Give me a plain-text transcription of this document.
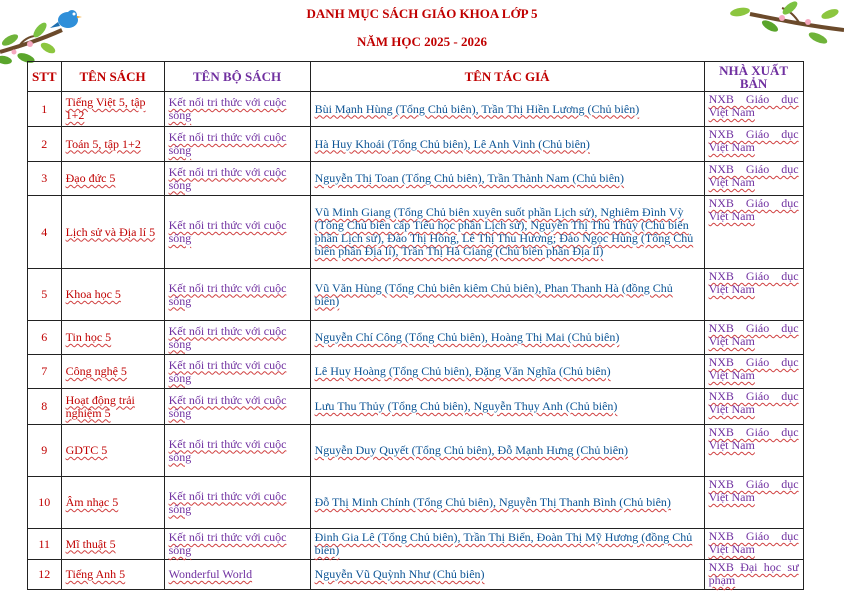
DANH MỤC SÁCH GIÁO KHOA LỚP 5
NĂM HỌC 2025 - 2026
STT	TÊN SÁCH	TÊN BỘ SÁCH	TÊN TÁC GIẢ	NHÀ XUẤT BẢN
1	Tiếng Việt 5, tập 1+2	Kết nối tri thức với cuộc sống	Bùi Mạnh Hùng (Tổng Chủ biên), Trần Thị Hiền Lương (Chủ biên)	NXB Giáo dục Việt Nam

2	Toán 5, tập 1+2	Kết nối tri thức với cuộc sống	Hà Huy Khoái (Tổng Chủ biên), Lê Anh Vinh (Chủ biên)	NXB Giáo dục Việt Nam

3	Đạo đức 5	Kết nối tri thức với cuộc sống	Nguyễn Thị Toan (Tổng Chủ biên), Trần Thành Nam (Chủ biên)	NXB Giáo dục Việt Nam

4	Lịch sử và Địa lí 5	Kết nối tri thức với cuộc sống	Vũ Minh Giang (Tổng Chủ biên xuyên suốt phần Lịch sử), Nghiêm Đình Vỳ (Tổng Chủ biên cấp Tiểu học phần Lịch sử), Nguyễn Thị Thu Thủy (Chủ biên phần Lịch sử), Đào Thị Hồng, Lê Thị Thu Hương; Đào Ngọc Hùng (Tổng Chủ biên phần Địa lí), Trần Thị Hà Giang (Chủ biên phần Địa lí)	NXB Giáo dục Việt Nam

5	Khoa học 5	Kết nối tri thức với cuộc sống	Vũ Văn Hùng (Tổng Chủ biên kiêm Chủ biên), Phan Thanh Hà (đồng Chủ biên)	NXB Giáo dục Việt Nam

6	Tin học 5	Kết nối tri thức với cuộc sống	Nguyễn Chí Công (Tổng Chủ biên), Hoàng Thị Mai (Chủ biên)	NXB Giáo dục Việt Nam

7	Công nghệ 5	Kết nối tri thức với cuộc sống	Lê Huy Hoàng (Tổng Chủ biên), Đặng Văn Nghĩa (Chủ biên)	NXB Giáo dục Việt Nam

8	Hoạt động trải nghiệm 5	Kết nối tri thức với cuộc sống	Lưu Thu Thủy (Tổng Chủ biên), Nguyễn Thụy Anh (Chủ biên)	NXB Giáo dục Việt Nam

9	GDTC 5	Kết nối tri thức với cuộc sống	Nguyễn Duy Quyết (Tổng Chủ biên), Đỗ Mạnh Hưng (Chủ biên)	NXB Giáo dục Việt Nam

10	Âm nhạc 5	Kết nối tri thức với cuộc sống	Đỗ Thị Minh Chính (Tổng Chủ biên), Nguyễn Thị Thanh Bình (Chủ biên)	NXB Giáo dục Việt Nam

11	Mĩ thuật 5	Kết nối tri thức với cuộc sống	Đinh Gia Lê (Tổng Chủ biên), Trần Thị Biển, Đoàn Thị Mỹ Hương (đồng Chủ biên)	NXB Giáo dục Việt Nam

12	Tiếng Anh 5	Wonderful World	Nguyễn Vũ Quỳnh Như (Chủ biên)	NXB Đại học sư phạm
